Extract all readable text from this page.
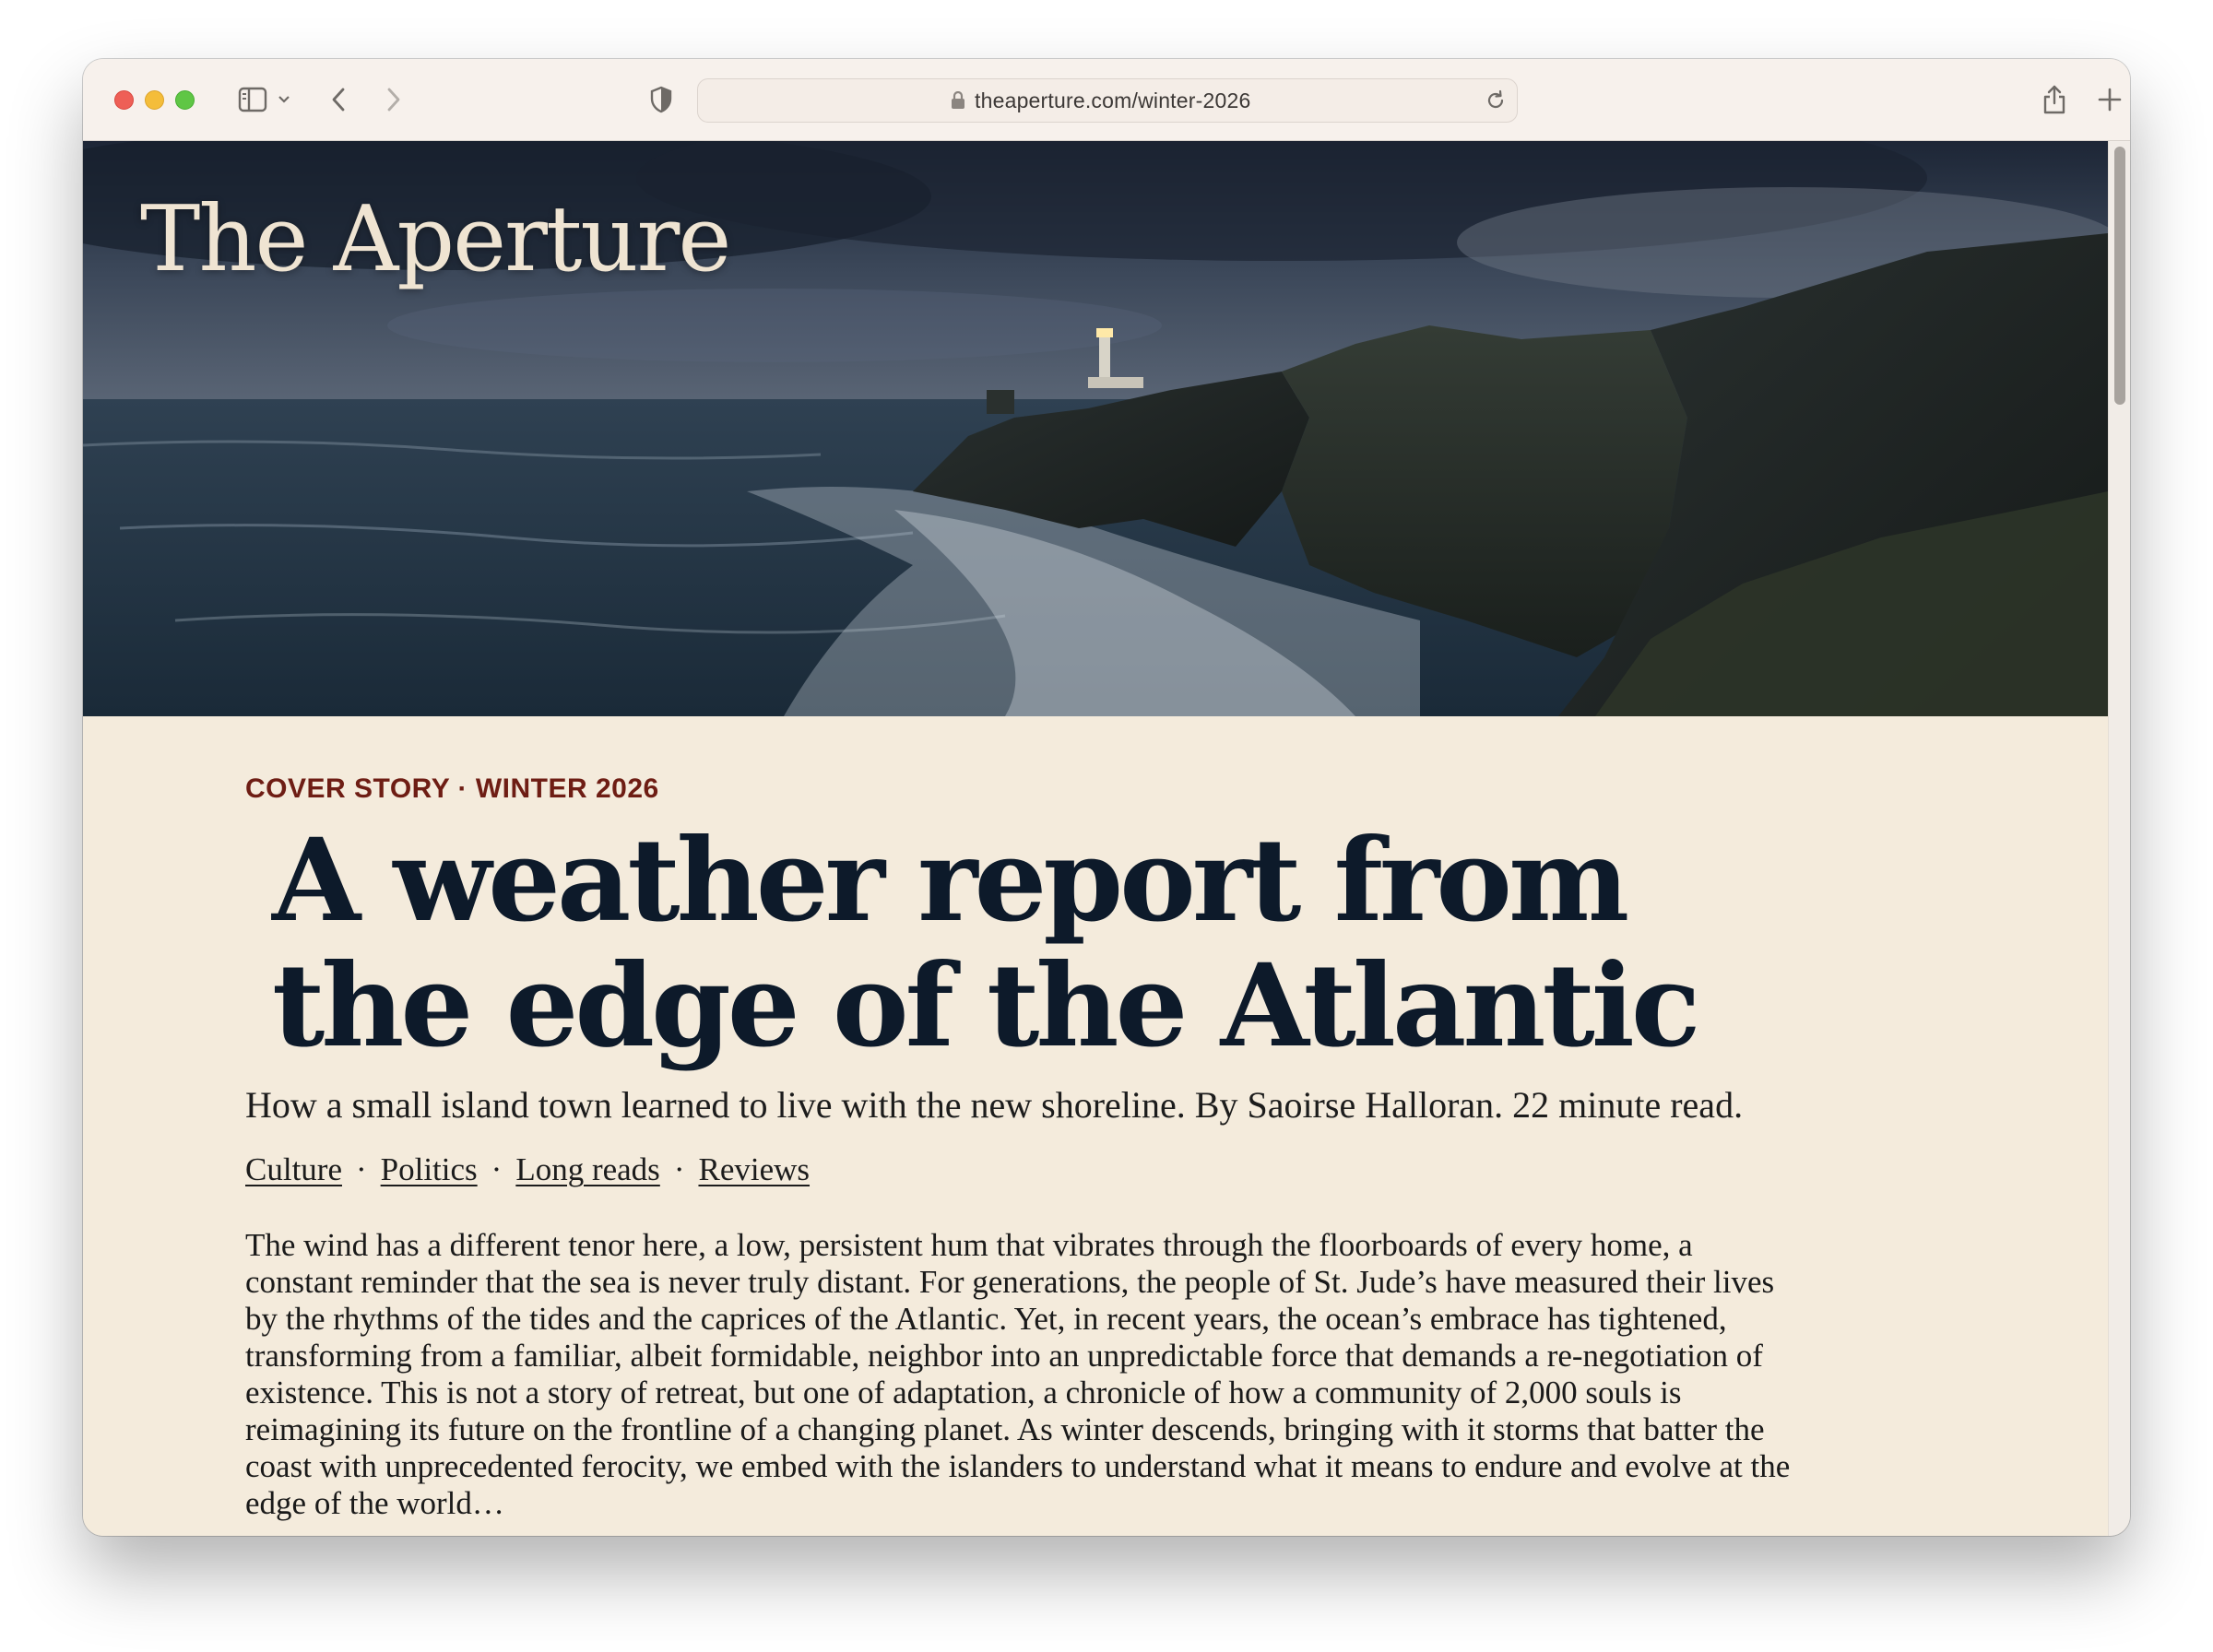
theaperture.com/winter-2026
The Aperture
COVER STORY · WINTER 2026
A weather report from the edge of the Atlantic

How a small island town learned to live with the new shoreline. By Saoirse Halloran. 22 minute read.

Culture · Politics · Long reads · Reviews

The wind has a different tenor here, a low, persistent hum that vibrates through the floorboards of every home, a constant reminder that the sea is never truly distant. For generations, the people of St. Jude’s have measured their lives by the rhythms of the tides and the caprices of the Atlantic. Yet, in recent years, the ocean’s embrace has tightened, transforming from a familiar, albeit formidable, neighbor into an unpredictable force that demands a re-negotiation of existence. This is not a story of retreat, but one of adaptation, a chronicle of how a community of 2,000 souls is reimagining its future on the frontline of a changing planet. As winter descends, bringing with it storms that batter the coast with unprecedented ferocity, we embed with the islanders to understand what it means to endure and evolve at the edge of the world…
